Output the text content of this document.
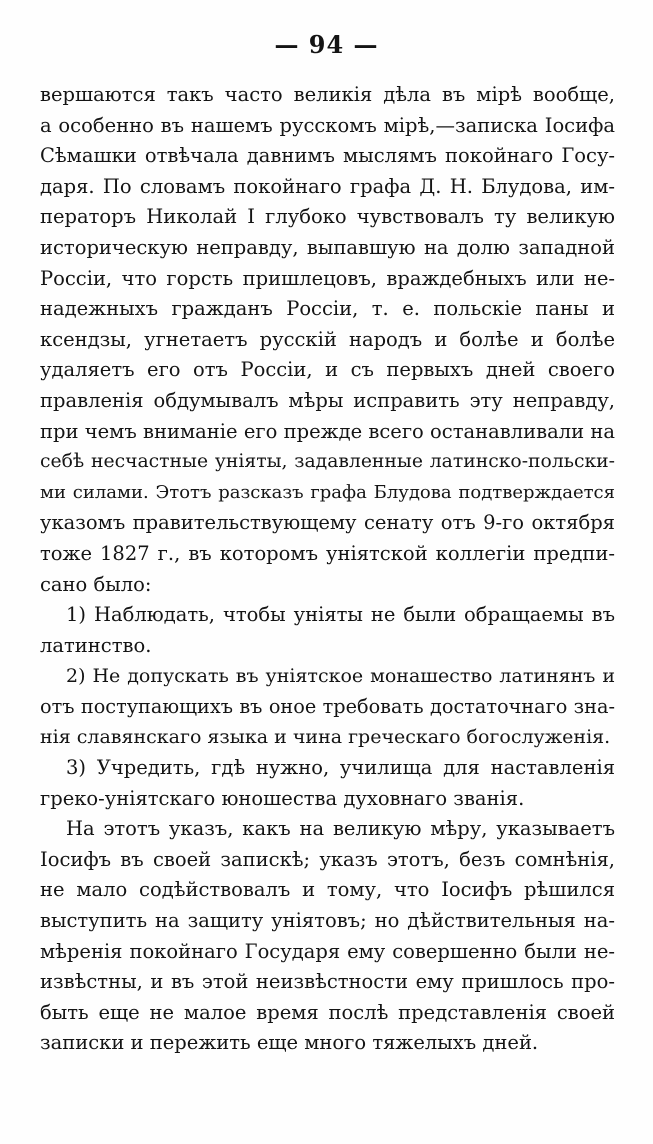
— 94 —
вершаются такъ часто великія дѣла въ мірѣ вообще,
а особенно въ нашемъ русскомъ мірѣ,—записка Іосифа
Сѣмашки отвѣчала давнимъ мыслямъ покойнаго Госу-
даря. По словамъ покойнаго графа Д. Н. Блудова, им-
ператоръ Николай I глубоко чувствовалъ ту великую
историческую неправду, выпавшую на долю западной
Россіи, что горсть пришлецовъ, враждебныхъ или не-
надежныхъ гражданъ Россіи, т. е. польскіе паны и
ксендзы, угнетаетъ русскій народъ и болѣе и болѣе
удаляетъ его отъ Россіи, и съ первыхъ дней своего
правленія обдумывалъ мѣры исправить эту неправду,
при чемъ вниманіе его прежде всего останавливали на
себѣ несчастные уніяты, задавленные латинско-польски-
ми силами. Этотъ разсказъ графа Блудова подтверждается
указомъ правительствующему сенату отъ 9-го октября
тоже 1827 г., въ которомъ уніятской коллегіи предпи-
сано было:
1) Наблюдать, чтобы уніяты не были обращаемы въ
латинство.
2) Не допускать въ уніятское монашество латинянъ и
отъ поступающихъ въ оное требовать достаточнаго зна-
нія славянскаго языка и чина греческаго богослуженія.
3) Учредить, гдѣ нужно, училища для наставленія
греко-уніятскаго юношества духовнаго званія.
На этотъ указъ, какъ на великую мѣру, указываетъ
Іосифъ въ своей запискѣ; указъ этотъ, безъ сомнѣнія,
не мало содѣйствовалъ и тому, что Іосифъ рѣшился
выступить на защиту уніятовъ; но дѣйствительныя на-
мѣренія покойнаго Государя ему совершенно были не-
извѣстны, и въ этой неизвѣстности ему пришлось про-
быть еще не малое время послѣ представленія своей
записки и пережить еще много тяжелыхъ дней.
